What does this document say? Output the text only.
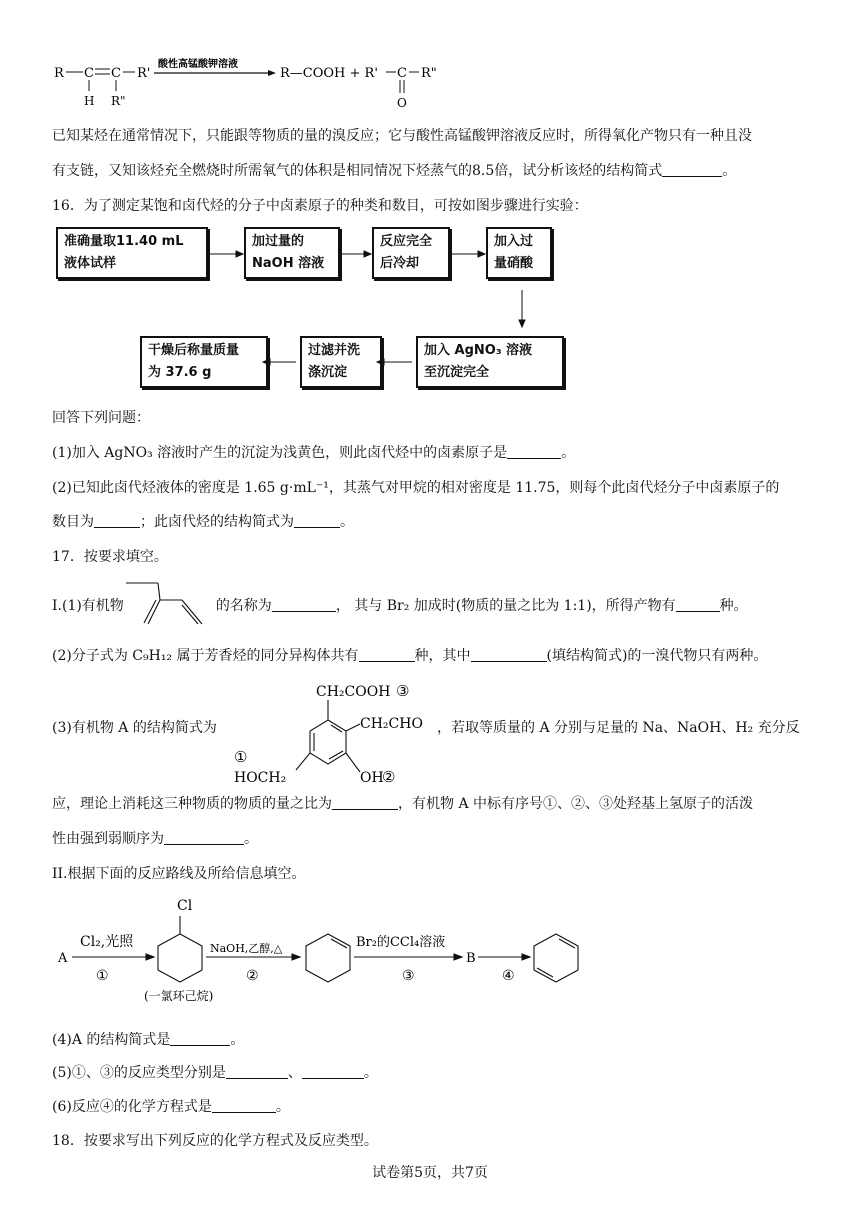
R C C R'
H R"
酸性高锰酸钾溶液
R—COOH + R' C R"
O
已知某烃在通常情况下，只能跟等物质的量的溴反应；它与酸性高锰酸钾溶液反应时，所得氧化产物只有一种且没
有支链，又知该烃充全燃烧时所需氧气的体积是相同情况下烃蒸气的8.5倍，试分析该烃的结构简式	。
16．为了测定某饱和卤代烃的分子中卤素原子的种类和数目，可按如图步骤进行实验：
准确量取11.40 mL
液体试样
加过量的
NaOH 溶液
反应完全
后冷却
加入过
量硝酸
加入 AgNO₃ 溶液
至沉淀完全
过滤并洗
涤沉淀
干燥后称量质量
为 37.6 g
回答下列问题：
(1)加入 AgNO₃ 溶液时产生的沉淀为浅黄色，则此卤代烃中的卤素原子是	。
(2)已知此卤代烃液体的密度是 1.65 g·mL⁻¹，其蒸气对甲烷的相对密度是 11.75，则每个此卤代烃分子中卤素原子的
数目为	；此卤代烃的结构简式为	。
17．按要求填空。
I.(1)有机物	的名称为	， 其与 Br₂ 加成时(物质的量之比为 1:1)，所得产物有	种。
(2)分子式为 C₉H₁₂ 属于芳香烃的同分异构体共有	种，其中	(填结构简式)的一溴代物只有两种。
(3)有机物 A 的结构简式为
CH₂COOH ③
CH₂CHO
①
HOCH₂	OH
②
，若取等质量的 A 分别与足量的 Na、NaOH、H₂ 充分反
应，理论上消耗这三种物质的物质的量之比为	，有机物 A 中标有序号①、②、③处羟基上氢原子的活泼
性由强到弱顺序为	。
II.根据下面的反应路线及所给信息填空。
A
Cl₂,光照
①
Cl
(一氯环己烷)
NaOH,乙醇,△
②
Br₂的CCl₄溶液
③
B
④
(4)A 的结构简式是	。
(5)①、③的反应类型分别是	、	。
(6)反应④的化学方程式是	。
18．按要求写出下列反应的化学方程式及反应类型。
试卷第5页，共7页
